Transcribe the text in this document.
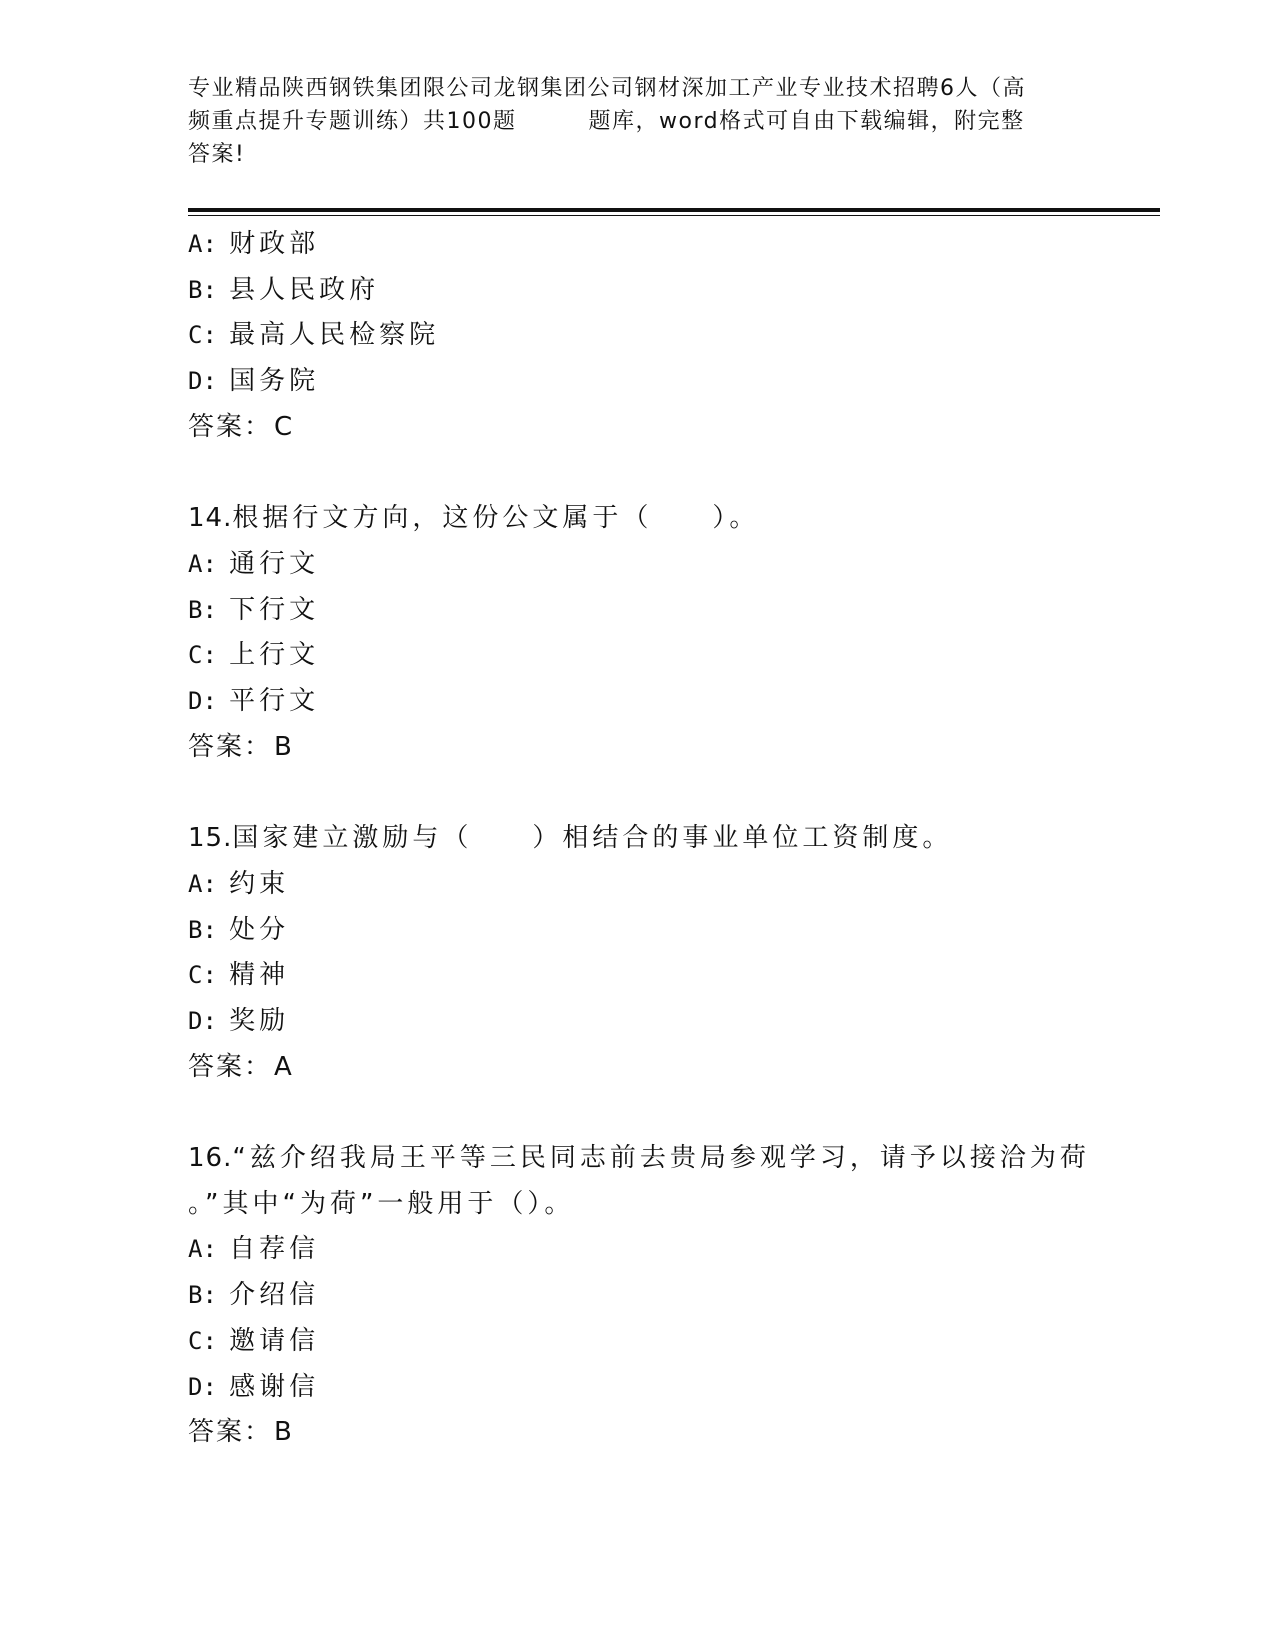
专业精品陕西钢铁集团限公司龙钢集团公司钢材深加工产业专业技术招聘6人（高
频重点提升专题训练）共100题	题库，word格式可自由下载编辑，附完整
答案!
A: 财政部
B: 县人民政府
C: 最高人民检察院
D: 国务院
答案：C
14.根据行文方向，这份公文属于（　　）。
A: 通行文
B: 下行文
C: 上行文
D: 平行文
答案：B
15.国家建立激励与（　　）相结合的事业单位工资制度。
A: 约束
B: 处分
C: 精神
D: 奖励
答案：A
16.“兹介绍我局王平等三民同志前去贵局参观学习，请予以接洽为荷
。”其中“为荷”一般用于（）。
A: 自荐信
B: 介绍信
C: 邀请信
D: 感谢信
答案：B
